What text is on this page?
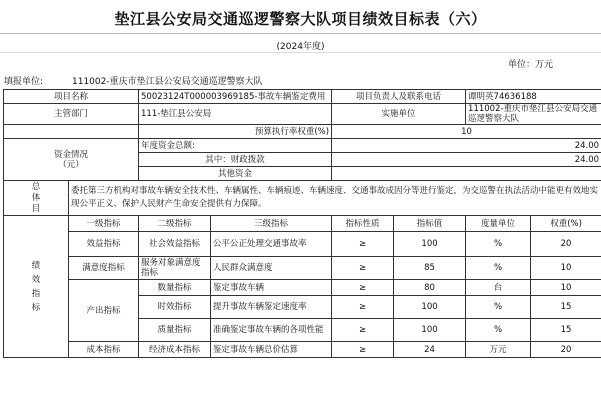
垫江县公安局交通巡逻警察大队项目绩效目标表（六）
(2024年度)
单位：万元
填报单位:	111002-重庆市垫江县公安局交通巡逻警察大队
项目名称		50023124T000003969185-事故车辆鉴定费用		项目负责人及联系电话		谭明英74636188	
主管部门		111-垫江县公安局		实施单位		111002-重庆市垫江县公安局交通巡逻警察大队	
		预算执行率权重(%)		10			
资金情况
（元）		年度资金总额:		24.00			
		其中：财政拨款		24.00			
		其他资金					
总
体
目	委托第三方机构对事故车辆安全技术性、车辆属性、车辆痕迹、车辆速度、交通事故成因分等进行鉴定，为交巡警在执法活动中能更有效地实现公平正义、保护人民财产生命安全提供有力保障。						
绩
效
指
标	一级指标	二级指标	三级指标	指标性质	指标值	度量单位	权重(%)
	效益指标	社会效益指标	公平公正处理交通事故率	≥	100	%	20
	满意度指标	服务对象满意度指标	人民群众满意度	≥	85	%	10
	产出指标	数量指标	鉴定事故车辆	≥	80	台	10
		时效指标	提升事故车辆鉴定速度率	≥	100	%	15
		质量指标	准确鉴定事故车辆的各项性能	≥	100	%	15
	成本指标	经济成本指标	鉴定事故车辆总价估算	≥	24	万元	20
